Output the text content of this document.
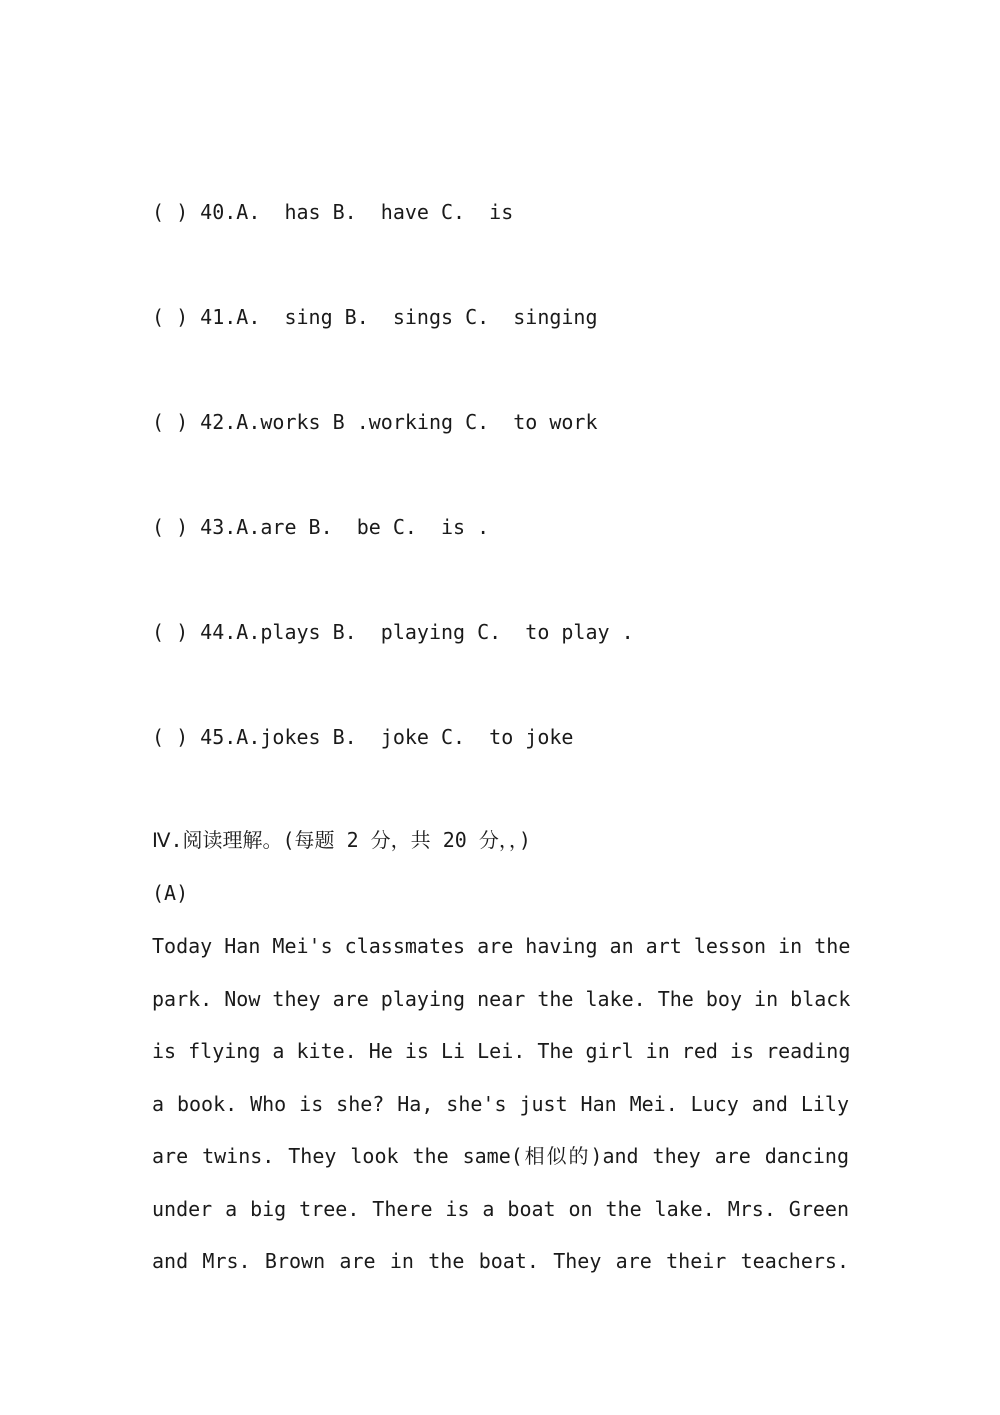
( ) 40.A.  has B.  have C.  is
( ) 41.A.  sing B.  sings C.  singing
( ) 42.A.works B .working C.  to work
( ) 43.A.are B.  be C.  is .
( ) 44.A.plays B.  playing C.  to play .
( ) 45.A.jokes B.  joke C.  to joke
Ⅳ.阅读理解。(每题 2 分，共 20 分，，)
(A)
Today Han Mei's classmates are having an art lesson in the
park. Now they are playing near the lake. The boy in black
is flying a kite. He is Li Lei. The girl in red is reading
a book. Who is she? Ha, she's just Han Mei. Lucy and Lily
are twins. They look the same(相似的)and they are dancing
under a big tree. There is a boat on the lake. Mrs. Green
and Mrs. Brown are in the boat. They are their teachers.
